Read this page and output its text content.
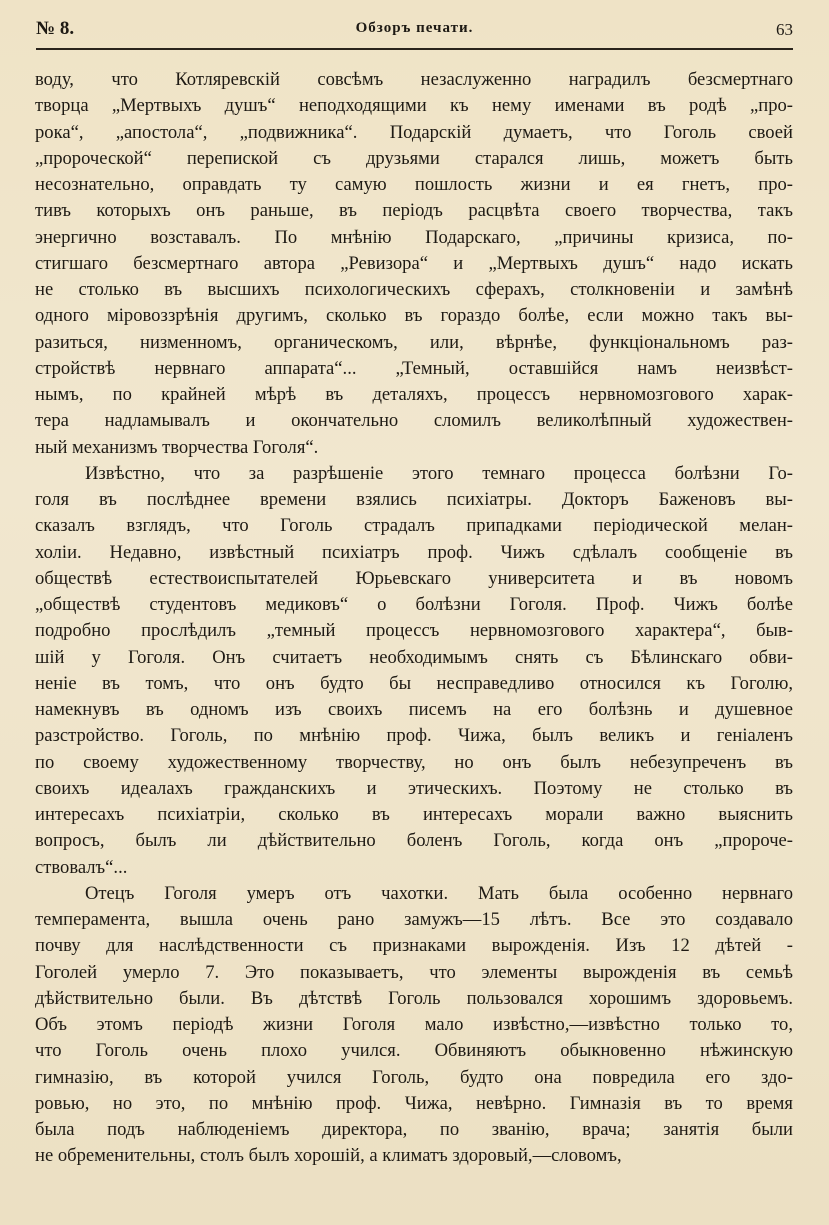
№ 8.	Обзоръ печати.	63
воду, что Котляревскій совсѣмъ незаслуженно наградилъ безсмертнаго
творца „Мертвыхъ душъ“ неподходящими къ нему именами въ родѣ „про-
рока“, „апостола“, „подвижника“. Подарскій думаетъ, что Гоголь своей
„пророческой“ перепиской съ друзьями старался лишь, можетъ быть
несознательно, оправдать ту самую пошлость жизни и ея гнетъ, про-
тивъ которыхъ онъ раньше, въ періодъ расцвѣта своего творчества, такъ
энергично возставалъ. По мнѣнію Подарскаго, „причины кризиса, по-
стигшаго безсмертнаго автора „Ревизора“ и „Мертвыхъ душъ“ надо искать
не столько въ высшихъ психологическихъ сферахъ, столкновеніи и замѣнѣ
одного міровоззрѣнія другимъ, сколько въ гораздо болѣе, если можно такъ вы-
разиться, низменномъ, органическомъ, или, вѣрнѣе, функціональномъ раз-
стройствѣ нервнаго аппарата“... „Темный, оставшійся намъ неизвѣст-
нымъ, по крайней мѣрѣ въ деталяхъ, процессъ нервномозгового харак-
тера надламывалъ и окончательно сломилъ великолѣпный художествен-
ный механизмъ творчества Гоголя“.
Извѣстно, что за разрѣшеніе этого темнаго процесса болѣзни Го-
голя въ послѣднее времени взялись психіатры. Докторъ Баженовъ вы-
сказалъ взглядъ, что Гоголь страдалъ припадками періодической мелан-
холіи. Недавно, извѣстный психіатръ проф. Чижъ сдѣлалъ сообщеніе въ
обществѣ естествоиспытателей Юрьевскаго университета и въ новомъ
„обществѣ студентовъ медиковъ“ о болѣзни Гоголя. Проф. Чижъ болѣе
подробно прослѣдилъ „темный процессъ нервномозгового характера“, быв-
шій у Гоголя. Онъ считаетъ необходимымъ снять съ Бѣлинскаго обви-
неніе въ томъ, что онъ будто бы несправедливо относился къ Гоголю,
намекнувъ въ одномъ изъ своихъ писемъ на его болѣзнь и душевное
разстройство. Гоголь, по мнѣнію проф. Чижа, былъ великъ и геніаленъ
по своему художественному творчеству, но онъ былъ небезупреченъ въ
своихъ идеалахъ гражданскихъ и этическихъ. Поэтому не столько въ
интересахъ психіатріи, сколько въ интересахъ морали важно выяснить
вопросъ, былъ ли дѣйствительно боленъ Гоголь, когда онъ „пророче-
ствовалъ“...
Отецъ Гоголя умеръ отъ чахотки. Мать была особенно нервнаго
темперамента, вышла очень рано замужъ—15 лѣтъ. Все это создавало
почву для наслѣдственности съ признаками вырожденія. Изъ 12 дѣтей -
Гоголей умерло 7. Это показываетъ, что элементы вырожденія въ семьѣ
дѣйствительно были. Въ дѣтствѣ Гоголь пользовался хорошимъ здоровьемъ.
Объ этомъ періодѣ жизни Гоголя мало извѣстно,—извѣстно только то,
что Гоголь очень плохо учился. Обвиняютъ обыкновенно нѣжинскую
гимназію, въ которой учился Гоголь, будто она повредила его здо-
ровью, но это, по мнѣнію проф. Чижа, невѣрно. Гимназія въ то время
была подъ наблюденіемъ директора, по званію, врача; занятія были
не обременительны, столъ былъ хорошій, а климатъ здоровый,—словомъ,
